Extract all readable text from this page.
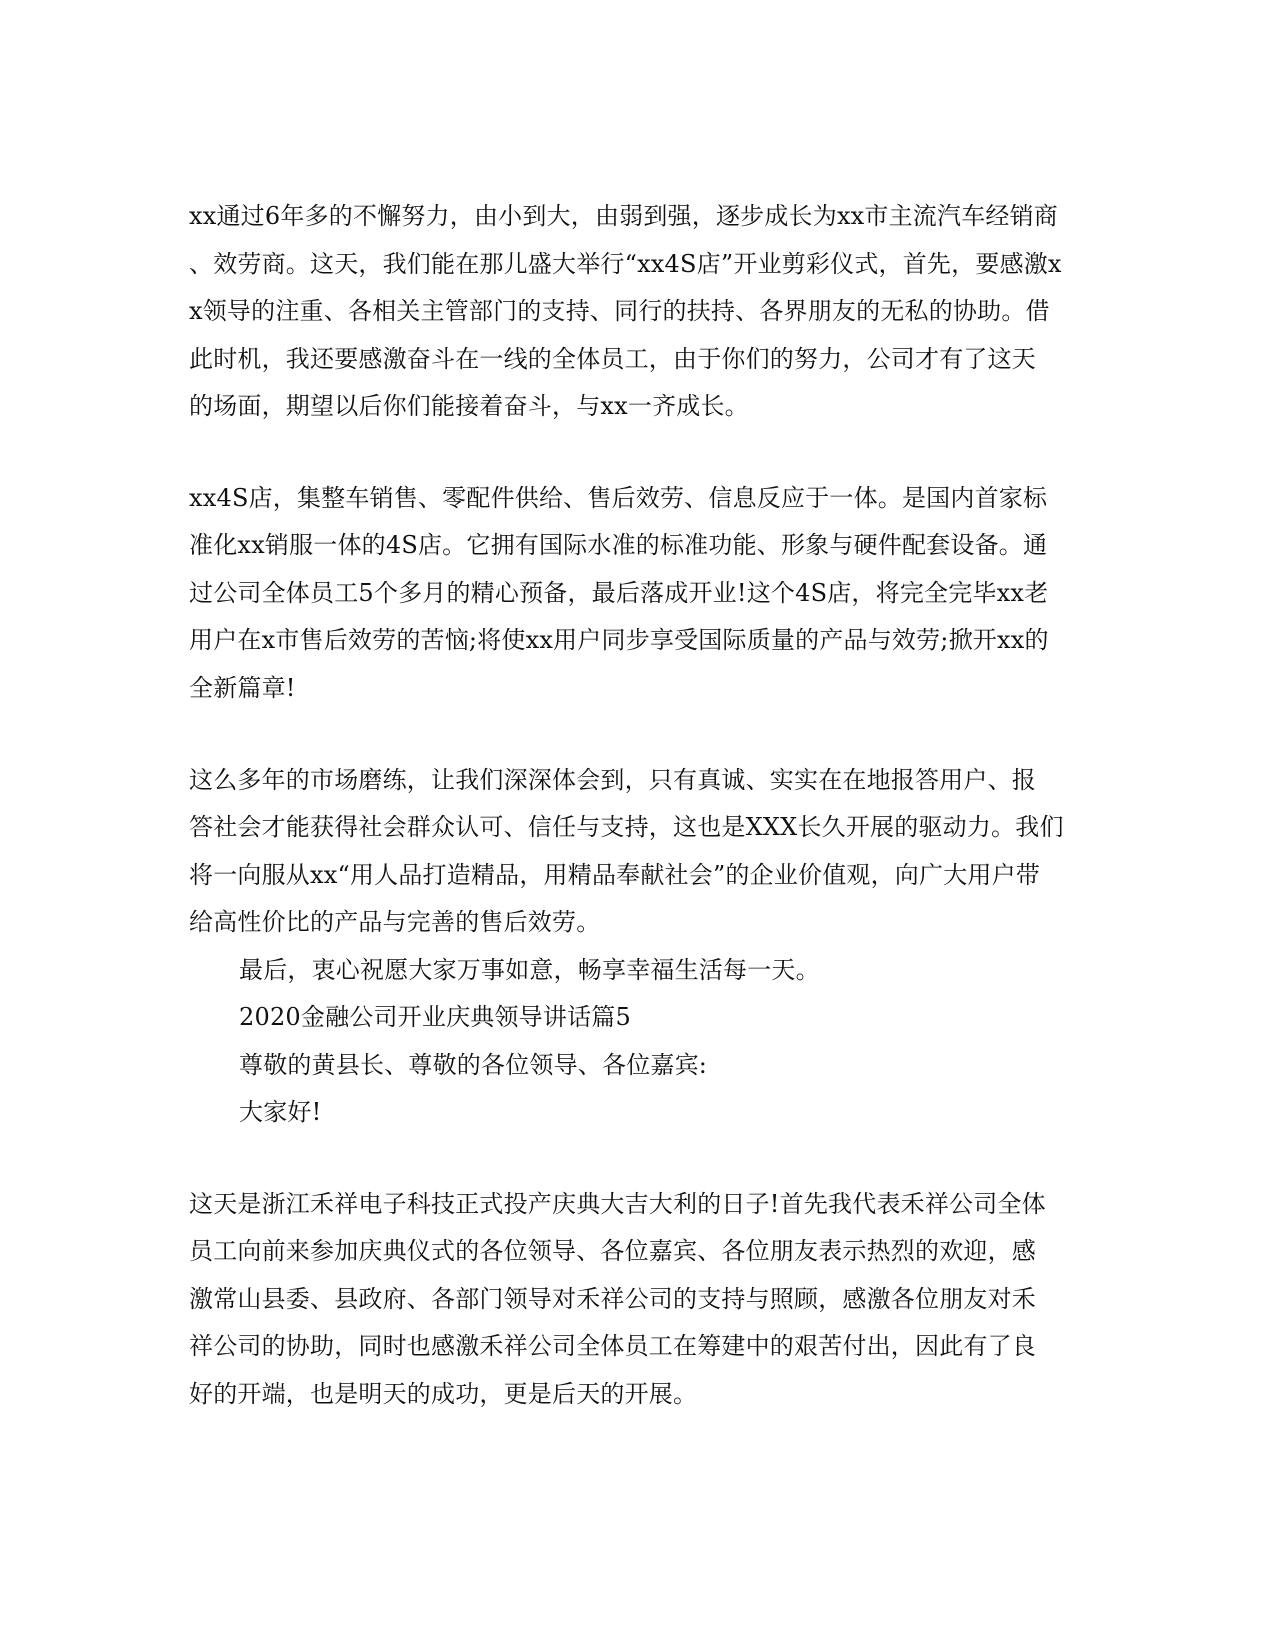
xx通过6年多的不懈努力，由小到大，由弱到强，逐步成长为xx市主流汽车经销商
、效劳商。这天，我们能在那儿盛大举行“xx4S店”开业剪彩仪式，首先，要感激x
x领导的注重、各相关主管部门的支持、同行的扶持、各界朋友的无私的协助。借
此时机，我还要感激奋斗在一线的全体员工，由于你们的努力，公司才有了这天
的场面，期望以后你们能接着奋斗，与xx一齐成长。
xx4S店，集整车销售、零配件供给、售后效劳、信息反应于一体。是国内首家标
准化xx销服一体的4S店。它拥有国际水准的标准功能、形象与硬件配套设备。通
过公司全体员工5个多月的精心预备，最后落成开业!这个4S店，将完全完毕xx老
用户在x市售后效劳的苦恼;将使xx用户同步享受国际质量的产品与效劳;掀开xx的
全新篇章!
这么多年的市场磨练，让我们深深体会到，只有真诚、实实在在地报答用户、报
答社会才能获得社会群众认可、信任与支持，这也是XXX长久开展的驱动力。我们
将一向服从xx“用人品打造精品，用精品奉献社会”的企业价值观，向广大用户带
给高性价比的产品与完善的售后效劳。
最后，衷心祝愿大家万事如意，畅享幸福生活每一天。
2020金融公司开业庆典领导讲话篇5
尊敬的黄县长、尊敬的各位领导、各位嘉宾:
大家好!
这天是浙江禾祥电子科技正式投产庆典大吉大利的日子!首先我代表禾祥公司全体
员工向前来参加庆典仪式的各位领导、各位嘉宾、各位朋友表示热烈的欢迎，感
激常山县委、县政府、各部门领导对禾祥公司的支持与照顾，感激各位朋友对禾
祥公司的协助，同时也感激禾祥公司全体员工在筹建中的艰苦付出，因此有了良
好的开端，也是明天的成功，更是后天的开展。
